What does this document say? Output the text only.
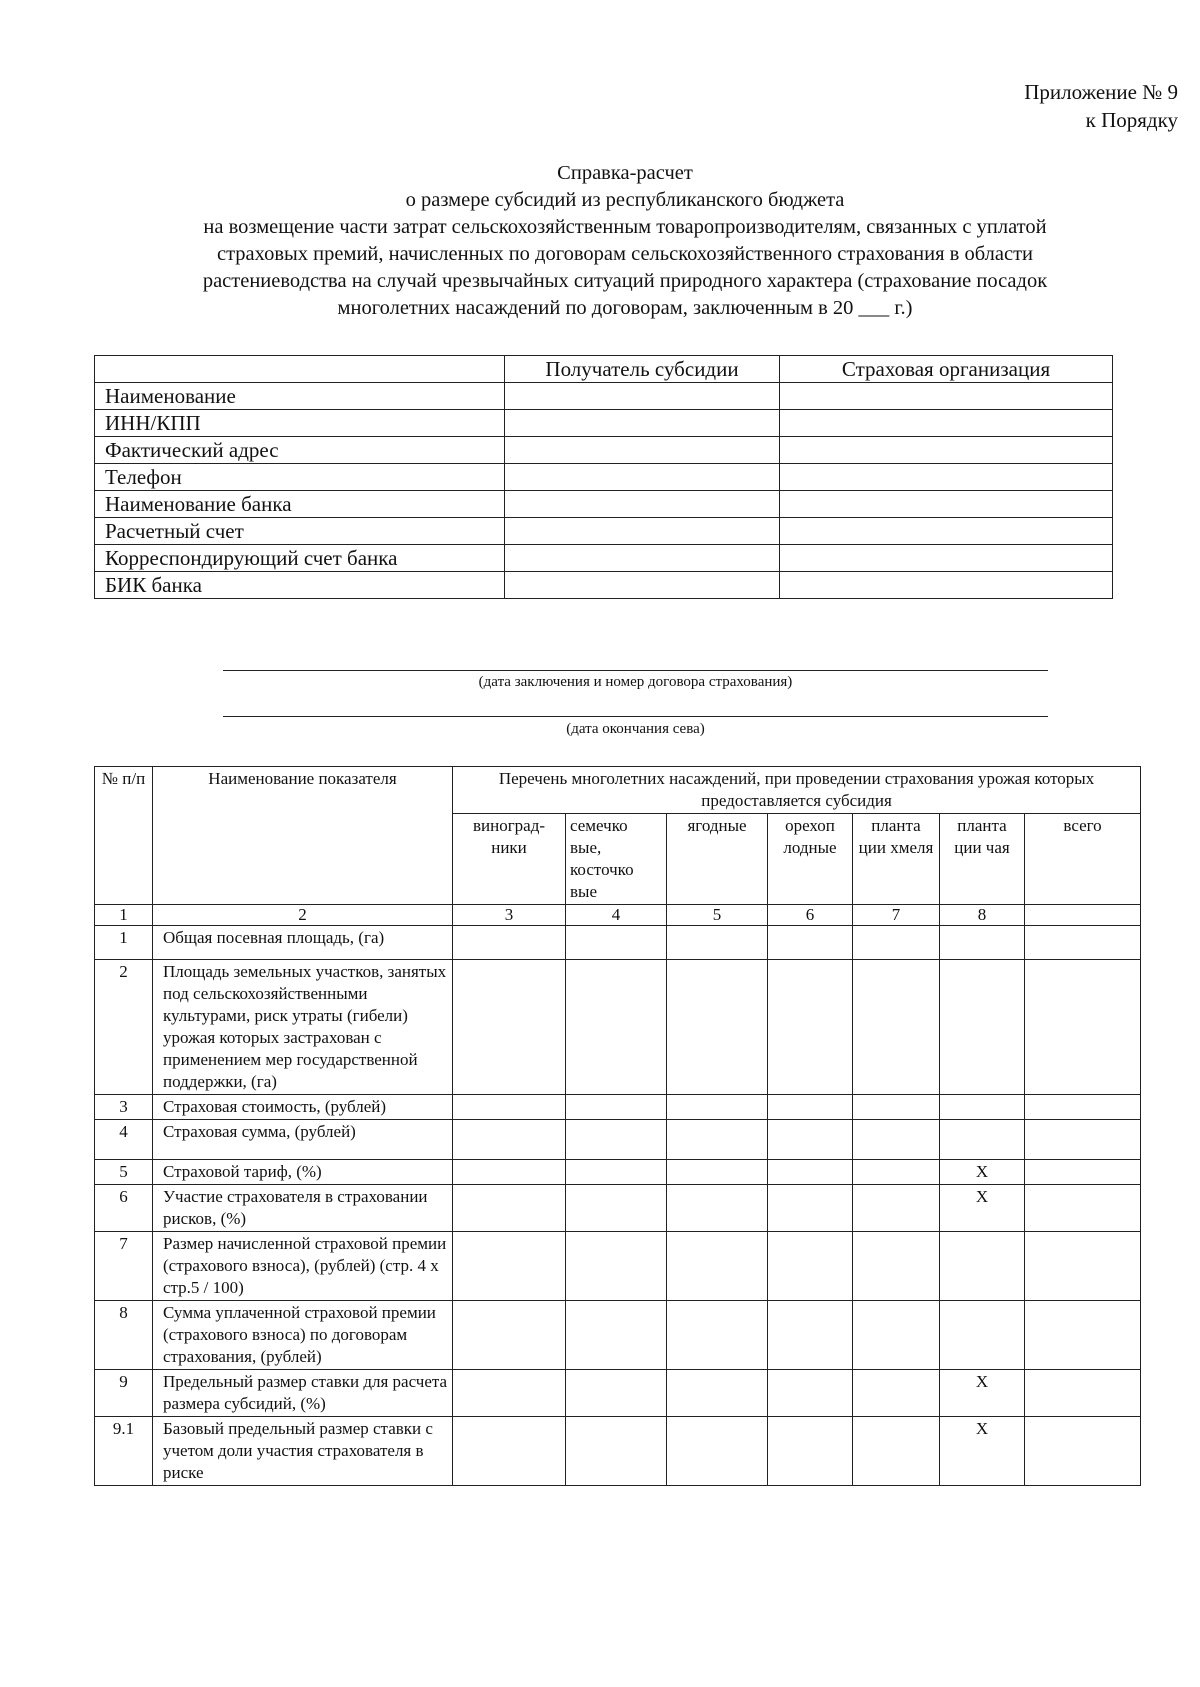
Приложение № 9
к Порядку
Справка-расчет
о размере субсидий из республиканского бюджета
на возмещение части затрат сельскохозяйственным товаропроизводителям, связанных с уплатой
страховых премий, начисленных по договорам сельскохозяйственного страхования в области
растениеводства на случай чрезвычайных ситуаций природного характера (страхование посадок
многолетних насаждений по договорам, заключенным в 20 ___ г.)
	Получатель субсидии	Страховая организация
Наименование		
ИНН/КПП		
Фактический адрес		
Телефон		
Наименование банка		
Расчетный счет		
Корреспондирующий счет банка		
БИК банка		
(дата заключения и номер договора страхования)
(дата окончания сева)
№ п/п	Наименование показателя	Перечень многолетних насаждений, при проведении страхования урожая которых предоставляется субсидия						
		виноград-ники	семечко вые, косточко вые	ягодные	орехоп лодные	планта ции хмеля	планта ции чая	всего
1	2	3	4	5	6	7	8	
1	Общая посевная площадь, (га)							
2	Площадь земельных участков, занятых под сельскохозяйственными культурами, риск утраты (гибели) урожая которых застрахован с применением мер государственной поддержки, (га)							
3	Страховая стоимость, (рублей)							
4	Страховая сумма, (рублей)							
5	Страховой тариф, (%)						X	
6	Участие страхователя в страховании рисков, (%)						X	
7	Размер начисленной страховой премии (страхового взноса), (рублей) (стр. 4 х стр.5 / 100)							
8	Сумма уплаченной страховой премии (страхового взноса) по договорам страхования, (рублей)							
9	Предельный размер ставки для расчета размера субсидий, (%)						X	
9.1	Базовый предельный размер ставки с учетом доли участия страхователя в риске						X	
